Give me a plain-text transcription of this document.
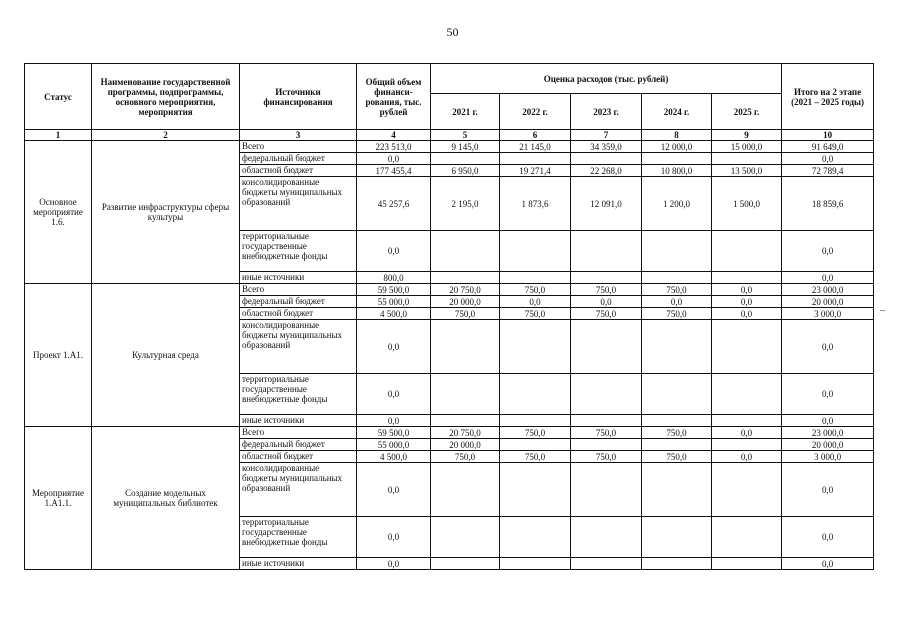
50
Статус	Наименование государственной программы, подпрограммы, основного мероприятия, мероприятия	Источники финансирования	Общий объем финанси-рования, тыс. рублей	Оценка расходов (тыс. рублей)					Итого на 2 этапе (2021 – 2025 годы)
				2021 г.	2022 г.	2023 г.	2024 г.	2025 г.	
1	2	3	4	5	6	7	8	9	10
Основное мероприятие 1.6.	Развитие инфраструктуры сферы культуры	Всего	223 513,0	9 145,0	21 145,0	34 359,0	12 000,0	15 000,0	91 649,0
		федеральный бюджет	0,0						0,0
		областной бюджет	177 455,4	6 950,0	19 271,4	22 268,0	10 800,0	13 500,0	72 789,4
		консолидированные бюджеты муниципальных образований	45 257,6	2 195,0	1 873,6	12 091,0	1 200,0	1 500,0	18 859,6
		территориальные государственные внебюджетные фонды	0,0						0,0
		иные источники	800,0						0,0
Проект 1.А1.	Культурная среда	Всего	59 500,0	20 750,0	750,0	750,0	750,0	0,0	23 000,0
		федеральный бюджет	55 000,0	20 000,0	0,0	0,0	0,0	0,0	20 000,0
		областной бюджет	4 500,0	750,0	750,0	750,0	750,0	0,0	3 000,0
		консолидированные бюджеты муниципальных образований	0,0						0,0
		территориальные государственные внебюджетные фонды	0,0						0,0
		иные источники	0,0						0,0
Мероприятие 1.А1.1.	Создание модельных муниципальных библиотек	Всего	59 500,0	20 750,0	750,0	750,0	750,0	0,0	23 000,0
		федеральный бюджет	55 000,0	20 000,0					20 000,0
		областной бюджет	4 500,0	750,0	750,0	750,0	750,0	0,0	3 000,0
		консолидированные бюджеты муниципальных образований	0,0						0,0
		территориальные государственные внебюджетные фонды	0,0						0,0
		иные источники	0,0						0,0
–
